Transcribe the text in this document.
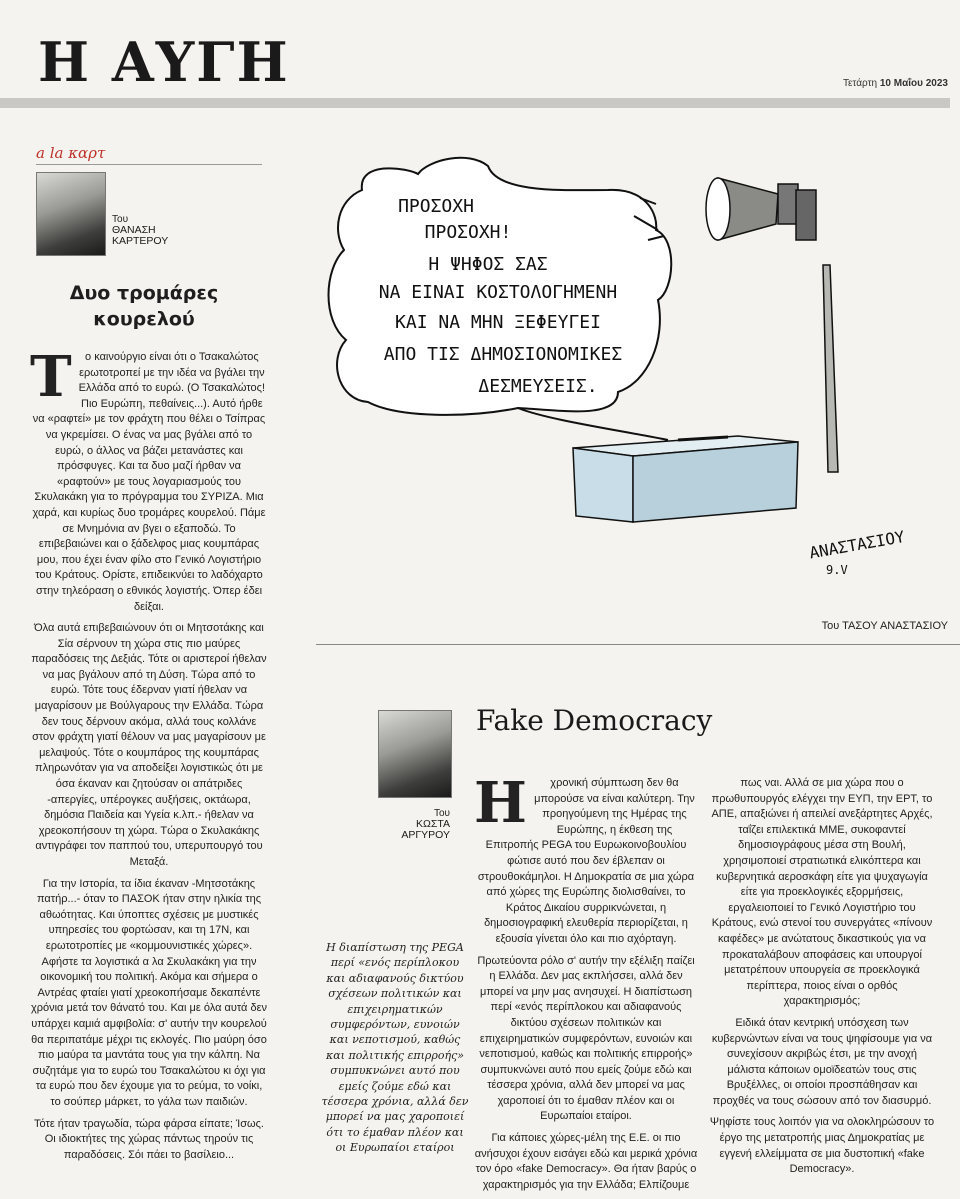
Η ΑΥΓΗ	Τετάρτη 10 Μαΐου 2023
a la καρτ
Του
ΘΑΝΑΣΗ
ΚΑΡΤΕΡΟΥ
Δυο τρομάρες κουρελού

Τ ο καινούργιο είναι ότι ο Τσακαλώτος ερωτοτροπεί με την ιδέα να βγάλει την Ελλάδα από το ευρώ. (Ο Τσακαλώτος! Πιο Ευρώπη, πεθαίνεις...). Αυτό ήρθε να «ραφτεί» με τον φράχτη που θέλει ο Τσίπρας να γκρεμίσει. Ο ένας να μας βγάλει από το ευρώ, ο άλλος να βάζει μετανάστες και πρόσφυγες. Και τα δυο μαζί ήρθαν να «ραφτούν» με τους λογαριασμούς του Σκυλακάκη για το πρόγραμμα του ΣΥΡΙΖΑ. Μια χαρά, και κυρίως δυο τρομάρες κουρελού. Πάμε σε Μνημόνια αν βγει ο εξαποδώ. Το επιβεβαιώνει και ο ξάδελφος μιας κουμπάρας μου, που έχει έναν φίλο στο Γενικό Λογιστήριο του Κράτους. Ορίστε, επιδεικνύει το λαδόχαρτο στην τηλεόραση ο εθνικός λογιστής. Όπερ έδει δείξαι.

Όλα αυτά επιβεβαιώνουν ότι οι Μητσοτάκης και Σία σέρνουν τη χώρα στις πιο μαύρες παραδόσεις της Δεξιάς. Τότε οι αριστεροί ήθελαν να μας βγάλουν από τη Δύση. Τώρα από το ευρώ. Τότε τους έδερναν γιατί ήθελαν να μαγαρίσουν με Βούλγαρους την Ελλάδα. Τώρα δεν τους δέρνουν ακόμα, αλλά τους κολλάνε στον φράχτη γιατί θέλουν να μας μαγαρίσουν με μελαψούς. Τότε ο κουμπάρος της κουμπάρας πληρωνόταν για να αποδείξει λογιστικώς ότι με όσα έκαναν και ζητούσαν οι απάτριδες -απεργίες, υπέρογκες αυξήσεις, οκτάωρα, δημόσια Παιδεία και Υγεία κ.λπ.- ήθελαν να χρεοκοπήσουν τη χώρα. Τώρα ο Σκυλακάκης αντιγράφει τον παππού του, υπερυπουργό του Μεταξά.

Για την Ιστορία, τα ίδια έκαναν -Μητσοτάκης πατήρ...- όταν το ΠΑΣΟΚ ήταν στην ηλικία της αθωότητας. Και ύποπτες σχέσεις με μυστικές υπηρεσίες του φορτώσαν, και τη 17Ν, και ερωτοτροπίες με «κομμουνιστικές χώρες». Αφήστε τα λογιστικά α λα Σκυλακάκη για την οικονομική του πολιτική. Ακόμα και σήμερα ο Αντρέας φταίει γιατί χρεοκοπήσαμε δεκαπέντε χρόνια μετά τον θάνατό του. Και με όλα αυτά δεν υπάρχει καμιά αμφιβολία: σ' αυτήν την κουρελού θα περιπατάμε μέχρι τις εκλογές. Πιο μαύρη όσο πιο μαύρα τα μαντάτα τους για την κάλπη. Να συζητάμε για το ευρώ του Τσακαλώτου κι όχι για τα ευρώ που δεν έχουμε για το ρεύμα, το νοίκι, το σούπερ μάρκετ, το γάλα των παιδιών.

Τότε ήταν τραγωδία, τώρα φάρσα είπατε; Ίσως. Οι ιδιοκτήτες της χώρας πάντως τηρούν τις παραδόσεις. Σόι πάει το βασίλειο...

ΠΡΟΣΟΧΗ
ΠΡΟΣΟΧΗ!
Η ΨΗΦΟΣ ΣΑΣ
ΝΑ ΕΙΝΑΙ ΚΟΣΤΟΛΟΓΗΜΕΝΗ
ΚΑΙ ΝΑ ΜΗΝ ΞΕΦΕΥΓΕΙ
ΑΠΟ ΤΙΣ ΔΗΜΟΣΙΟΝΟΜΙΚΕΣ
ΔΕΣΜΕΥΣΕΙΣ.
ΑΝΑΣΤΑΣΙΟΥ
9.V
Του ΤΑΣΟΥ ΑΝΑΣΤΑΣΙΟΥ
Fake Democracy
Του
ΚΩΣΤΑ
ΑΡΓΥΡΟΥ
Η διαπίστωση της PEGA περί «ενός περίπλοκου και αδιαφανούς δικτύου σχέσεων πολιτικών και επιχειρηματικών συμφερόντων, ευνοιών και νεποτισμού, καθώς και πολιτικής επιρροής» συμπυκνώνει αυτό που εμείς ζούμε εδώ και τέσσερα χρόνια, αλλά δεν μπορεί να μας χαροποιεί ότι το έμαθαν πλέον και οι Ευρωπαίοι εταίροι

Η χρονική σύμπτωση δεν θα μπορούσε να είναι καλύτερη. Την προηγούμενη της Ημέρας της Ευρώπης, η έκθεση της Επιτροπής PEGA του Ευρωκοινοβουλίου φώτισε αυτό που δεν έβλεπαν οι στρουθοκάμηλοι. Η Δημοκρατία σε μια χώρα από χώρες της Ευρώπης διολισθαίνει, το Κράτος Δικαίου συρρικνώνεται, η δημοσιογραφική ελευθερία περιορίζεται, η εξουσία γίνεται όλο και πιο αχόρταγη.

Πρωτεύοντα ρόλο σ' αυτήν την εξέλιξη παίζει η Ελλάδα. Δεν μας εκπλήσσει, αλλά δεν μπορεί να μην μας ανησυχεί. Η διαπίστωση περί «ενός περίπλοκου και αδιαφανούς δικτύου σχέσεων πολιτικών και επιχειρηματικών συμφερόντων, ευνοιών και νεποτισμού, καθώς και πολιτικής επιρροής» συμπυκνώνει αυτό που εμείς ζούμε εδώ και τέσσερα χρόνια, αλλά δεν μπορεί να μας χαροποιεί ότι το έμαθαν πλέον και οι Ευρωπαίοι εταίροι.

Για κάποιες χώρες-μέλη της Ε.Ε. οι πιο ανήσυχοι έχουν εισάγει εδώ και μερικά χρόνια τον όρο «fake Democracy». Θα ήταν βαρύς ο χαρακτηρισμός για την Ελλάδα; Ελπίζουμε

πως ναι. Αλλά σε μια χώρα που ο πρωθυπουργός ελέγχει την ΕΥΠ, την ΕΡΤ, το ΑΠΕ, απαξιώνει ή απειλεί ανεξάρτητες Αρχές, ταΐζει επιλεκτικά ΜΜΕ, συκοφαντεί δημοσιογράφους μέσα στη Βουλή, χρησιμοποιεί στρατιωτικά ελικόπτερα και κυβερνητικά αεροσκάφη είτε για ψυχαγωγία είτε για προεκλογικές εξορμήσεις, εργαλειοποιεί το Γενικό Λογιστήριο του Κράτους, ενώ στενοί του συνεργάτες «πίνουν καφέδες» με ανώτατους δικαστικούς για να προκαταλάβουν αποφάσεις και υπουργοί μετατρέπουν υπουργεία σε προεκλογικά περίπτερα, ποιος είναι ο ορθός χαρακτηρισμός;

Ειδικά όταν κεντρική υπόσχεση των κυβερνώντων είναι να τους ψηφίσουμε για να συνεχίσουν ακριβώς έτσι, με την ανοχή μάλιστα κάποιων ομοϊδεατών τους στις Βρυξέλλες, οι οποίοι προσπάθησαν και προχθές να τους σώσουν από τον διασυρμό.

Ψηφίστε τους λοιπόν για να ολοκληρώσουν το έργο της μετατροπής μιας Δημοκρατίας με εγγενή ελλείμματα σε μια δυστοπική «fake Democracy».
